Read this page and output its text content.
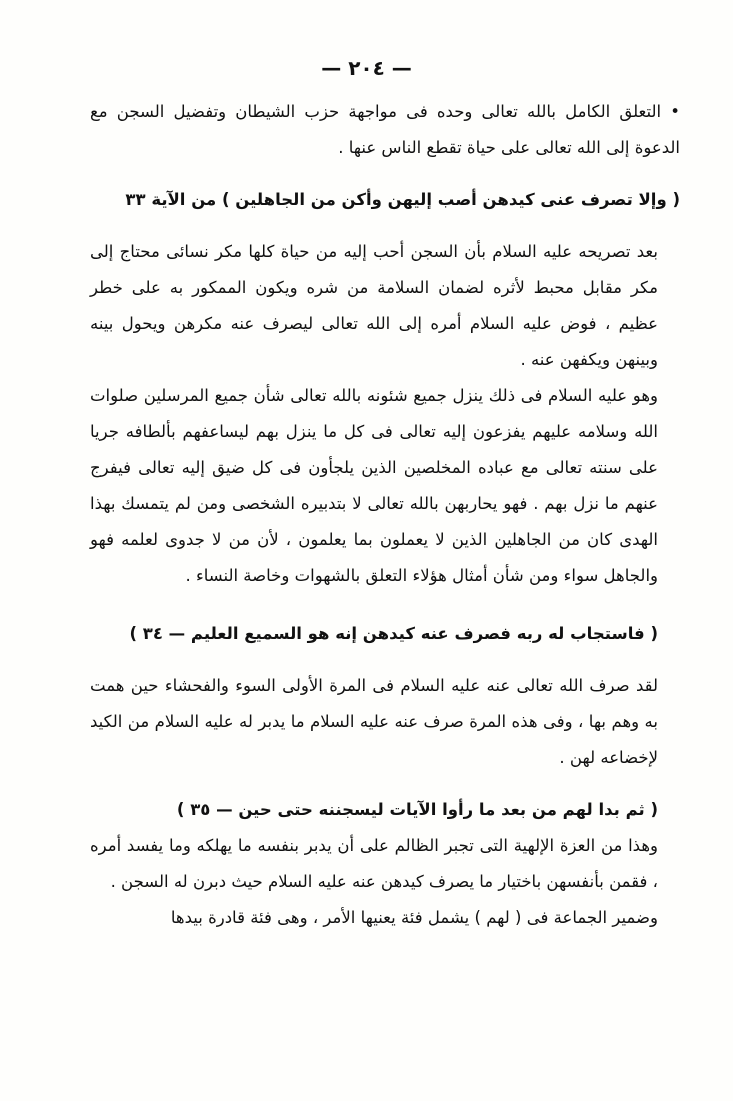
— ٢٠٤ —

• التعلق الكامل بالله تعالى وحده فى مواجهة حزب الشيطان وتفضيل السجن مع الدعوة إلى الله تعالى على حياة تقطع الناس عنها .

( وإلا تصرف عنى كيدهن أصب إليهن وأكن من الجاهلين ) من الآية ٣٣

بعد تصريحه عليه السلام بأن السجن أحب إليه من حياة كلها مكر نسائى محتاج إلى مكر مقابل محبط لأثره لضمان السلامة من شره ويكون الممكور به على خطر عظيم ، فوض عليه السلام أمره إلى الله تعالى ليصرف عنه مكرهن ويحول بينه وبينهن ويكفهن عنه .

وهو عليه السلام فى ذلك ينزل جميع شئونه بالله تعالى شأن جميع المرسلين صلوات الله وسلامه عليهم يفزعون إليه تعالى فى كل ما ينزل بهم ليساعفهم بألطافه جريا على سنته تعالى مع عباده المخلصين الذين يلجأون فى كل ضيق إليه تعالى فيفرج عنهم ما نزل بهم . فهو يحاربهن بالله تعالى لا بتدبيره الشخصى ومن لم يتمسك بهذا الهدى كان من الجاهلين الذين لا يعملون بما يعلمون ، لأن من لا جدوى لعلمه فهو والجاهل سواء ومن شأن أمثال هؤلاء التعلق بالشهوات وخاصة النساء .

( فاستجاب له ربه فصرف عنه كيدهن إنه هو السميع العليم — ٣٤ )

لقد صرف الله تعالى عنه عليه السلام فى المرة الأولى السوء والفحشاء حين همت به وهم بها ، وفى هذه المرة صرف عنه عليه السلام ما يدبر له عليه السلام من الكيد لإخضاعه لهن .

( ثم بدا لهم من بعد ما رأوا الآيات ليسجننه حتى حين — ٣٥ )

وهذا من العزة الإلهية التى تجبر الظالم على أن يدبر بنفسه ما يهلكه وما يفسد أمره ، فقمن بأنفسهن باختيار ما يصرف كيدهن عنه عليه السلام حيث دبرن له السجن .

وضمير الجماعة فى ( لهم ) يشمل فئة يعنيها الأمر ، وهى فئة قادرة بيدها
